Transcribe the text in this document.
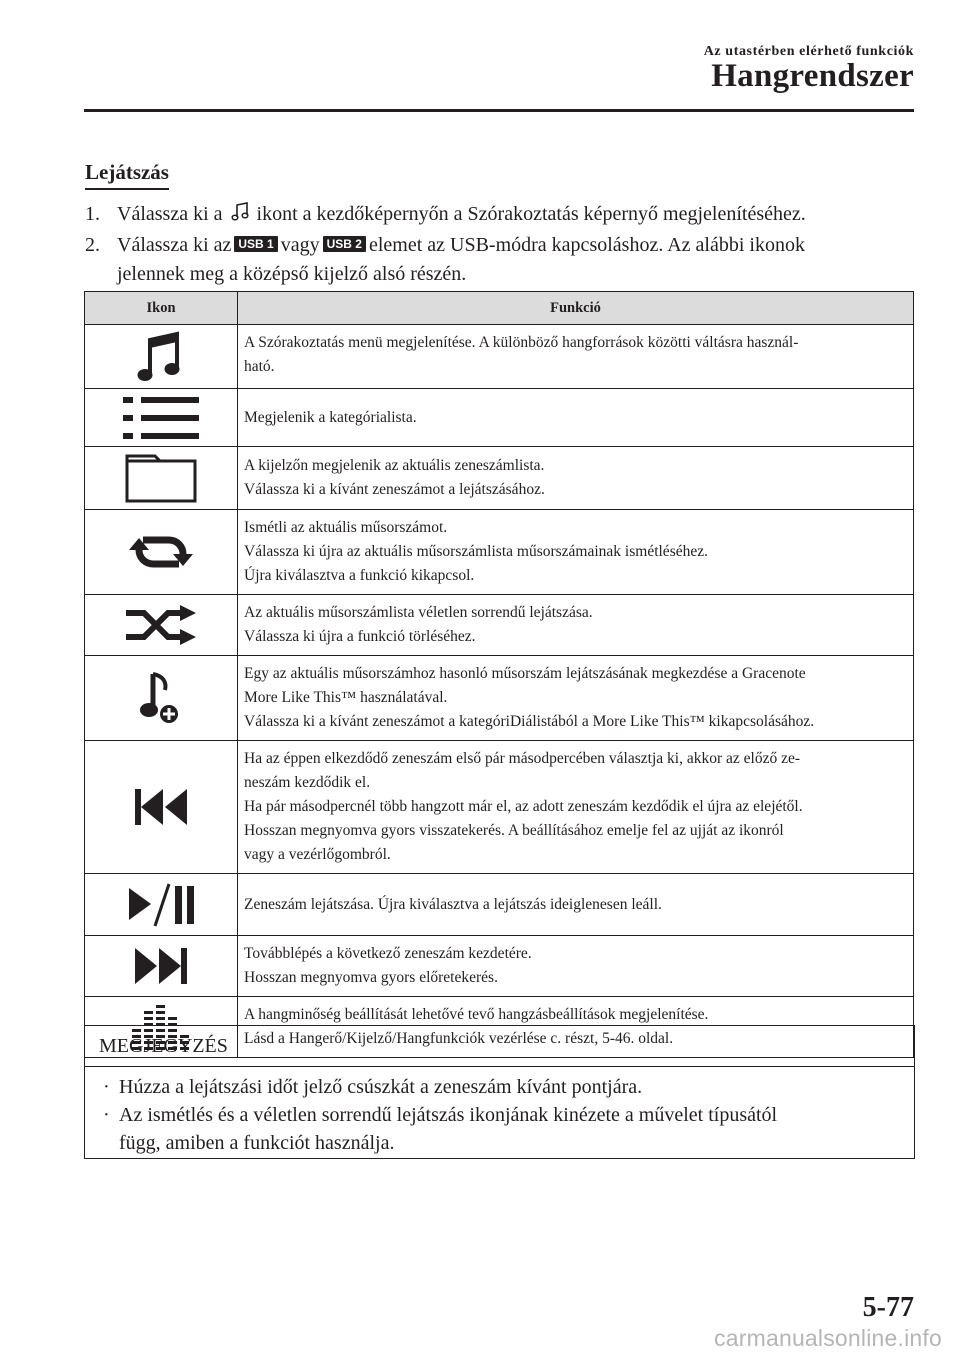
Az utastérben elérhető funkciók
Hangrendszer
Lejátszás
1. Válassza ki a ikont a kezdőképernyőn a Szórakoztatás képernyő megjelenítéséhez.
2. Válassza ki az USB 1 vagy USB 2 elemet az USB-módra kapcsoláshoz. Az alábbi ikonok
jelennek meg a középső kijelző alsó részén.
Ikon	Funkció

A Szórakoztatás menü megjelenítése. A különböző hangforrások közötti váltásra használ-
ható.

Megjelenik a kategórialista.

A kijelzőn megjelenik az aktuális zeneszámlista.
Válassza ki a kívánt zeneszámot a lejátszásához.

Ismétli az aktuális műsorszámot.
Válassza ki újra az aktuális műsorszámlista műsorszámainak ismétléséhez.
Újra kiválasztva a funkció kikapcsol.

Az aktuális műsorszámlista véletlen sorrendű lejátszása.
Válassza ki újra a funkció törléséhez.

Egy az aktuális műsorszámhoz hasonló műsorszám lejátszásának megkezdése a Gracenote
More Like This™ használatával.
Válassza ki a kívánt zeneszámot a kategóriDiálistából a More Like This™ kikapcsolásához.

Ha az éppen elkezdődő zeneszám első pár másodpercében választja ki, akkor az előző ze-
neszám kezdődik el.
Ha pár másodpercnél több hangzott már el, az adott zeneszám kezdődik el újra az elejétől.
Hosszan megnyomva gyors visszatekerés. A beállításához emelje fel az ujját az ikonról
vagy a vezérlőgombról.

Zeneszám lejátszása. Újra kiválasztva a lejátszás ideiglenesen leáll.

Továbblépés a következő zeneszám kezdetére.
Hosszan megnyomva gyors előretekerés.

A hangminőség beállítását lehetővé tevő hangzásbeállítások megjelenítése.
Lásd a Hangerő/Kijelző/Hangfunkciók vezérlése c. részt, 5-46. oldal.
MEGJEGYZÉS
· Húzza a lejátszási időt jelző csúszkát a zeneszám kívánt pontjára.
· Az ismétlés és a véletlen sorrendű lejátszás ikonjának kinézete a művelet típusától
függ, amiben a funkciót használja.
5-77
carmanualsonline.info
